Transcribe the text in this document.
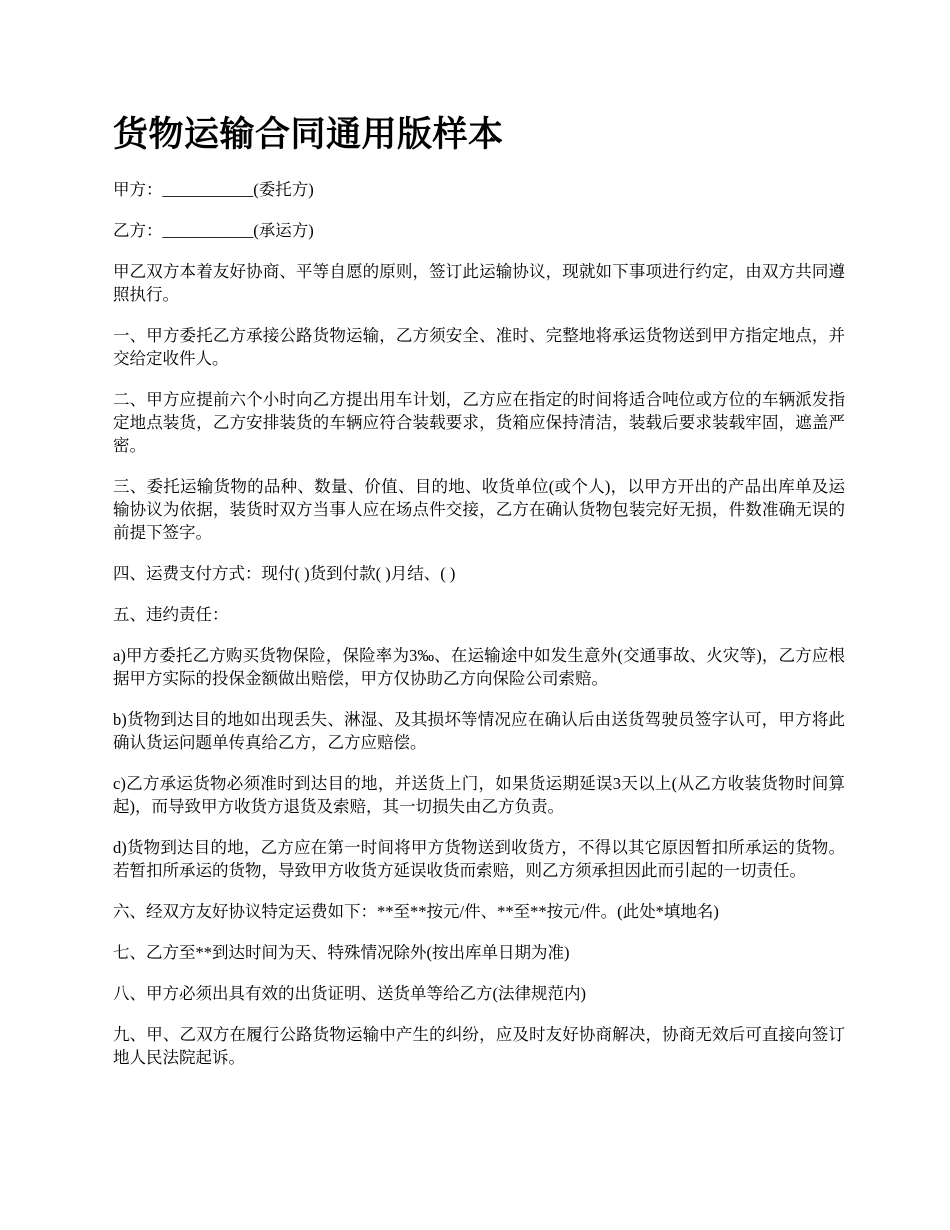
货物运输合同通用版样本

甲方：___________(委托方)

乙方：___________(承运方)

甲乙双方本着友好协商、平等自愿的原则，签订此运输协议，现就如下事项进行约定，由双方共同遵照执行。

一、甲方委托乙方承接公路货物运输，乙方须安全、准时、完整地将承运货物送到甲方指定地点，并交给定收件人。

二、甲方应提前六个小时向乙方提出用车计划，乙方应在指定的时间将适合吨位或方位的车辆派发指定地点装货，乙方安排装货的车辆应符合装载要求，货箱应保持清洁，装载后要求装载牢固，遮盖严密。

三、委托运输货物的品种、数量、价值、目的地、收货单位(或个人)，以甲方开出的产品出库单及运输协议为依据，装货时双方当事人应在场点件交接，乙方在确认货物包装完好无损，件数准确无误的前提下签字。

四、运费支付方式：现付( )货到付款( )月结、( )

五、违约责任：

a)甲方委托乙方购买货物保险，保险率为3‰、在运输途中如发生意外(交通事故、火灾等)，乙方应根据甲方实际的投保金额做出赔偿，甲方仅协助乙方向保险公司索赔。

b)货物到达目的地如出现丢失、淋湿、及其损坏等情况应在确认后由送货驾驶员签字认可，甲方将此确认货运问题单传真给乙方，乙方应赔偿。

c)乙方承运货物必须准时到达目的地，并送货上门，如果货运期延误3天以上(从乙方收装货物时间算起)，而导致甲方收货方退货及索赔，其一切损失由乙方负责。

d)货物到达目的地，乙方应在第一时间将甲方货物送到收货方，不得以其它原因暂扣所承运的货物。若暂扣所承运的货物，导致甲方收货方延误收货而索赔，则乙方须承担因此而引起的一切责任。

六、经双方友好协议特定运费如下：**至**按元/件、**至**按元/件。(此处*填地名)

七、乙方至**到达时间为天、特殊情况除外(按出库单日期为准)

八、甲方必须出具有效的出货证明、送货单等给乙方(法律规范内)

九、甲、乙双方在履行公路货物运输中产生的纠纷，应及时友好协商解决，协商无效后可直接向签订地人民法院起诉。
